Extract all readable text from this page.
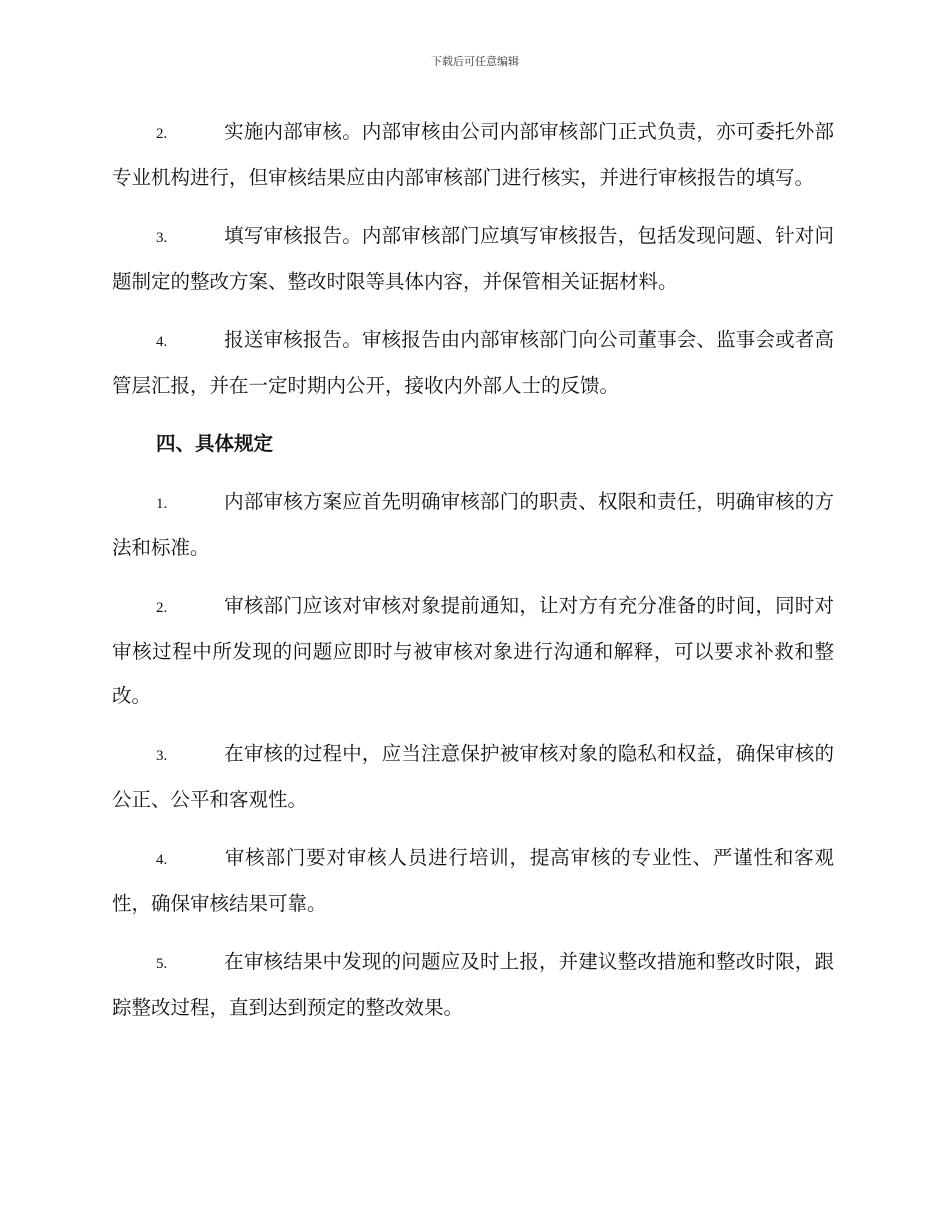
下载后可任意编辑

2.	实施内部审核。内部审核由公司内部审核部门正式负责，亦可委托外部专业机构进行，但审核结果应由内部审核部门进行核实，并进行审核报告的填写。

3.	填写审核报告。内部审核部门应填写审核报告，包括发现问题、针对问题制定的整改方案、整改时限等具体内容，并保管相关证据材料。

4.	报送审核报告。审核报告由内部审核部门向公司董事会、监事会或者高管层汇报，并在一定时期内公开，接收内外部人士的反馈。

四、具体规定

1.	内部审核方案应首先明确审核部门的职责、权限和责任，明确审核的方法和标准。

2.	审核部门应该对审核对象提前通知，让对方有充分准备的时间，同时对审核过程中所发现的问题应即时与被审核对象进行沟通和解释，可以要求补救和整改。

3.	在审核的过程中，应当注意保护被审核对象的隐私和权益，确保审核的公正、公平和客观性。

4.	审核部门要对审核人员进行培训，提高审核的专业性、严谨性和客观性，确保审核结果可靠。

5.	在审核结果中发现的问题应及时上报，并建议整改措施和整改时限，跟踪整改过程，直到达到预定的整改效果。
